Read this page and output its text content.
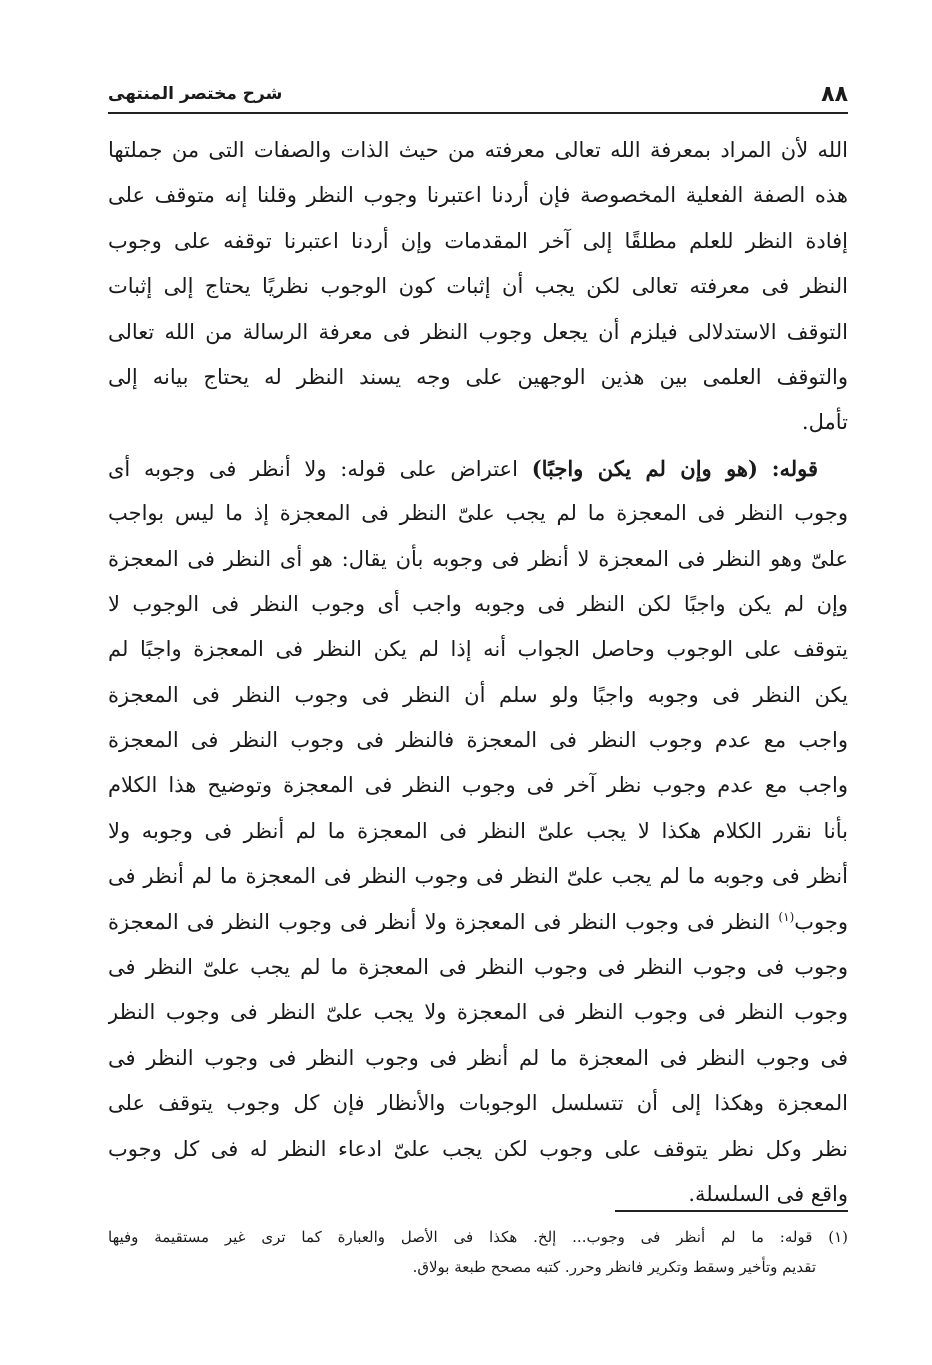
٨٨
شرح مختصر المنتهى
الله لأن المراد بمعرفة الله تعالى معرفته من حيث الذات والصفات التى من جملتها
هذه الصفة الفعلية المخصوصة فإن أردنا اعتبرنا وجوب النظر وقلنا إنه متوقف على
إفادة النظر للعلم مطلقًا إلى آخر المقدمات وإن أردنا اعتبرنا توقفه على وجوب
النظر فى معرفته تعالى لكن يجب أن إثبات كون الوجوب نظريًا يحتاج إلى إثبات
التوقف الاستدلالى فيلزم أن يجعل وجوب النظر فى معرفة الرسالة من الله تعالى
والتوقف العلمى بين هذين الوجهين على وجه يسند النظر له يحتاج بيانه إلى
تأمل.
قوله: (هو وإن لم يكن واجبًا) اعتراض على قوله: ولا أنظر فى وجوبه أى
وجوب النظر فى المعجزة ما لم يجب علىّ النظر فى المعجزة إذ ما ليس بواجب
علىّ وهو النظر فى المعجزة لا أنظر فى وجوبه بأن يقال: هو أى النظر فى المعجزة
وإن لم يكن واجبًا لكن النظر فى وجوبه واجب أى وجوب النظر فى الوجوب لا
يتوقف على الوجوب وحاصل الجواب أنه إذا لم يكن النظر فى المعجزة واجبًا لم
يكن النظر فى وجوبه واجبًا ولو سلم أن النظر فى وجوب النظر فى المعجزة
واجب مع عدم وجوب النظر فى المعجزة فالنظر فى وجوب النظر فى المعجزة
واجب مع عدم وجوب نظر آخر فى وجوب النظر فى المعجزة وتوضيح هذا الكلام
بأنا نقرر الكلام هكذا لا يجب علىّ النظر فى المعجزة ما لم أنظر فى وجوبه ولا
أنظر فى وجوبه ما لم يجب علىّ النظر فى وجوب النظر فى المعجزة ما لم أنظر فى
وجوب$^{(١)}$ النظر فى وجوب النظر فى المعجزة ولا أنظر فى وجوب النظر فى المعجزة
وجوب فى وجوب النظر فى وجوب النظر فى المعجزة ما لم يجب علىّ النظر فى
وجوب النظر فى وجوب النظر فى المعجزة ولا يجب علىّ النظر فى وجوب النظر
فى وجوب النظر فى المعجزة ما لم أنظر فى وجوب النظر فى وجوب النظر فى
المعجزة وهكذا إلى أن تتسلسل الوجوبات والأنظار فإن كل وجوب يتوقف على
نظر وكل نظر يتوقف على وجوب لكن يجب علىّ ادعاء النظر له فى كل وجوب
واقع فى السلسلة.
(١) قوله: ما لم أنظر فى وجوب... إلخ. هكذا فى الأصل والعبارة كما ترى غير مستقيمة وفيها
تقديم وتأخير وسقط وتكرير فانظر وحرر. كتبه مصحح طبعة بولاق.
